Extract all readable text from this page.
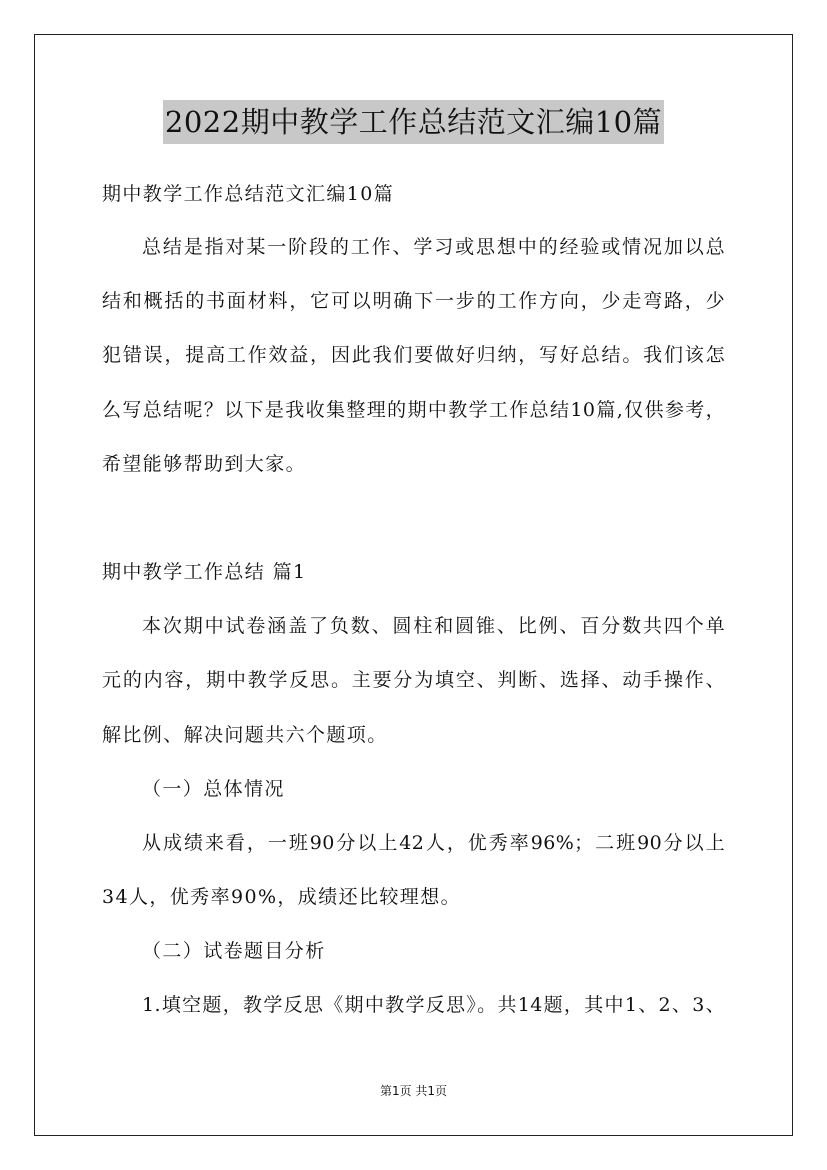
2022期中教学工作总结范文汇编10篇
期中教学工作总结范文汇编10篇
总结是指对某一阶段的工作、学习或思想中的经验或情况加以总
结和概括的书面材料，它可以明确下一步的工作方向，少走弯路，少
犯错误，提高工作效益，因此我们要做好归纳，写好总结。我们该怎
么写总结呢？以下是我收集整理的期中教学工作总结10篇,仅供参考，
希望能够帮助到大家。
期中教学工作总结 篇1
本次期中试卷涵盖了负数、圆柱和圆锥、比例、百分数共四个单
元的内容，期中教学反思。主要分为填空、判断、选择、动手操作、
解比例、解决问题共六个题项。
（一）总体情况
从成绩来看，一班90分以上42人，优秀率96%；二班90分以上
34人，优秀率90%，成绩还比较理想。
（二）试卷题目分析
1.填空题，教学反思《期中教学反思》。共14题，其中1、2、3、
第1页 共1页
